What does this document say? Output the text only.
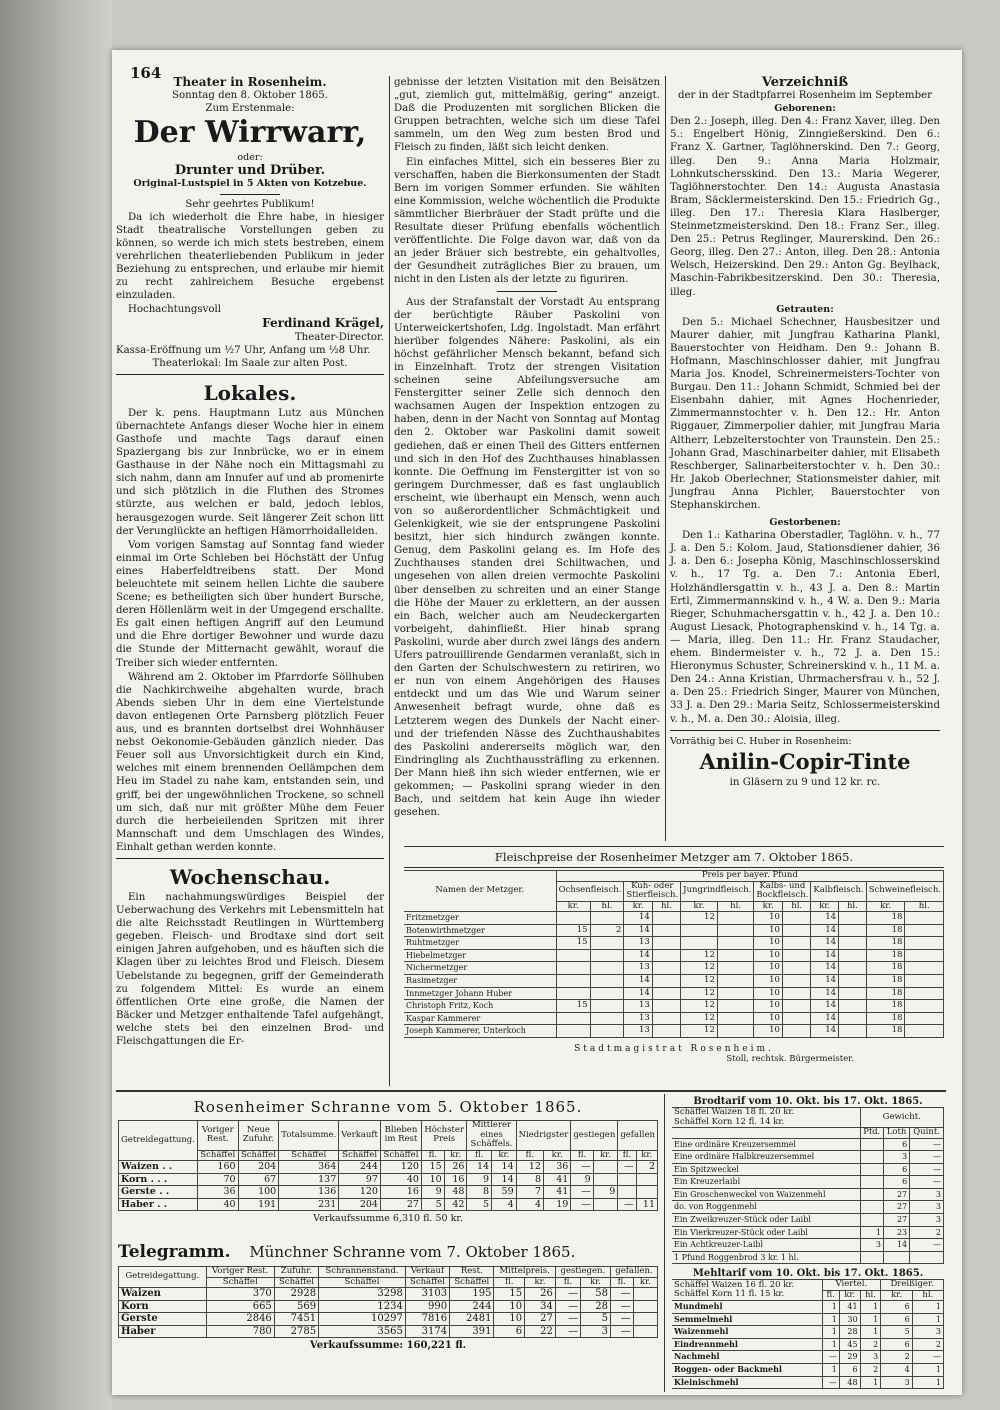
164	Theater in Rosenheim.
Sonntag den 8. Oktober 1865.
Zum Erstenmale:
Der Wirrwarr,
oder:
Drunter und Drüber.
Original-Lustspiel in 5 Akten von Kotzebue.
Sehr geehrtes Publikum!

Da ich wiederholt die Ehre habe, in hiesiger Stadt theatralische Vorstellungen geben zu können, so werde ich mich stets bestreben, einem verehrlichen theaterliebenden Publikum in jeder Beziehung zu entsprechen, und erlaube mir hiemit zu recht zahlreichem Besuche ergebenst einzuladen.

Hochachtungsvoll

Ferdinand Krägel,
Theater-Director.
Kassa-Eröffnung um ½7 Uhr, Anfang um ½8 Uhr.
Theaterlokal: Im Saale zur alten Post.
Lokales.

Der k. pens. Hauptmann Lutz aus München übernachtete Anfangs dieser Woche hier in einem Gasthofe und machte Tags darauf einen Spaziergang bis zur Innbrücke, wo er in einem Gasthause in der Nähe noch ein Mittagsmahl zu sich nahm, dann am Innufer auf und ab promenirte und sich plötzlich in die Fluthen des Stromes stürzte, aus welchen er bald, jedoch leblos, herausgezogen wurde. Seit längerer Zeit schon litt der Verunglückte an heftigen Hämorrhoidalleiden.

Vom vorigen Samstag auf Sonntag fand wieder einmal im Orte Schleben bei Höchstätt der Unfug eines Haberfeldtreibens statt. Der Mond beleuchtete mit seinem hellen Lichte die saubere Scene; es betheiligten sich über hundert Bursche, deren Höllenlärm weit in der Umgegend erschallte. Es galt einen heftigen Angriff auf den Leumund und die Ehre dortiger Bewohner und wurde dazu die Stunde der Mitternacht gewählt, worauf die Treiber sich wieder entfernten.

Während am 2. Oktober im Pfarrdorfe Söllhuben die Nachkirchweihe abgehalten wurde, brach Abends sieben Uhr in dem eine Viertelstunde davon entlegenen Orte Parnsberg plötzlich Feuer aus, und es brannten dortselbst drei Wohnhäuser nebst Oekonomie-Gebäuden gänzlich nieder. Das Feuer soll aus Unvorsichtigkeit durch ein Kind, welches mit einem brennenden Oellämpchen dem Heu im Stadel zu nahe kam, entstanden sein, und griff, bei der ungewöhnlichen Trockene, so schnell um sich, daß nur mit größter Mühe dem Feuer durch die herbeieilenden Spritzen mit ihrer Mannschaft und dem Umschlagen des Windes, Einhalt gethan werden konnte.

Wochenschau.

Ein nachahmungswürdiges Beispiel der Ueberwachung des Verkehrs mit Lebensmitteln hat die alte Reichsstadt Reutlingen in Württemberg gegeben. Fleisch- und Brodtaxe sind dort seit einigen Jahren aufgehoben, und es häuften sich die Klagen über zu leichtes Brod und Fleisch. Diesem Uebelstande zu begegnen, griff der Gemeinderath zu folgendem Mittel: Es wurde an einem öffentlichen Orte eine große, die Namen der Bäcker und Metzger enthaltende Tafel aufgehängt, welche stets bei den einzelnen Brod- und Fleischgattungen die Er-

gebnisse der letzten Visitation mit den Beisätzen „gut, ziemlich gut, mittelmäßig, gering“ anzeigt. Daß die Produzenten mit sorglichen Blicken die Gruppen betrachten, welche sich um diese Tafel sammeln, um den Weg zum besten Brod und Fleisch zu finden, läßt sich leicht denken.

Ein einfaches Mittel, sich ein besseres Bier zu verschaffen, haben die Bierkonsumenten der Stadt Bern im vorigen Sommer erfunden. Sie wählten eine Kommission, welche wöchentlich die Produkte sämmtlicher Bierbräuer der Stadt prüfte und die Resultate dieser Prüfung ebenfalls wöchentlich veröffentlichte. Die Folge davon war, daß von da an jeder Bräuer sich bestrebte, ein gehaltvolles, der Gesundheit zuträgliches Bier zu brauen, um nicht in den Listen als der letzte zu figuriren.

Aus der Strafanstalt der Vorstadt Au entsprang der berüchtigte Räuber Paskolini von Unterweickertshofen, Ldg. Ingolstadt. Man erfährt hierüber folgendes Nähere: Paskolini, als ein höchst gefährlicher Mensch bekannt, befand sich in Einzelnhaft. Trotz der strengen Visitation scheinen seine Abfeilungsversuche am Fenstergitter seiner Zelle sich dennoch den wachsamen Augen der Inspektion entzogen zu haben, denn in der Nacht von Sonntag auf Montag den 2. Oktober war Paskolini damit soweit gediehen, daß er einen Theil des Gitters entfernen und sich in den Hof des Zuchthauses hinablassen konnte. Die Oeffnung im Fenstergitter ist von so geringem Durchmesser, daß es fast unglaublich erscheint, wie überhaupt ein Mensch, wenn auch von so außerordentlicher Schmächtigkeit und Gelenkigkeit, wie sie der entsprungene Paskolini besitzt, hier sich hindurch zwängen konnte. Genug, dem Paskolini gelang es. Im Hofe des Zuchthauses standen drei Schiltwachen, und ungesehen von allen dreien vermochte Paskolini über denselben zu schreiten und an einer Stange die Höhe der Mauer zu erklettern, an der aussen ein Bach, welcher auch am Neudeckergarten vorbeigeht, dahinfließt. Hier hinab sprang Paskolini, wurde aber durch zwei längs des andern Ufers patrouillirende Gendarmen veranlaßt, sich in den Garten der Schulschwestern zu retiriren, wo er nun von einem Angehörigen des Hauses entdeckt und um das Wie und Warum seiner Anwesenheit befragt wurde, ohne daß es Letzterem wegen des Dunkels der Nacht einer- und der triefenden Nässe des Zuchthaushabites des Paskolini andererseits möglich war, den Eindringling als Zuchthaussträfling zu erkennen. Der Mann hieß ihn sich wieder entfernen, wie er gekommen; — Paskolini sprang wieder in den Bach, und seitdem hat kein Auge ihn wieder gesehen.

Verzeichniß
der in der Stadtpfarrei Rosenheim im September
Geborenen:

Den 2.: Joseph, illeg. Den 4.: Franz Xaver, illeg. Den 5.: Engelbert Hönig, Zinngießerskind. Den 6.: Franz X. Gartner, Taglöhnerskind. Den 7.: Georg, illeg. Den 9.: Anna Maria Holzmair, Lohnkutschersskind. Den 13.: Maria Wegerer, Taglöhnerstochter. Den 14.: Augusta Anastasia Bram, Säcklermeisterskind. Den 15.: Friedrich Gg., illeg. Den 17.: Theresia Klara Haslberger, Steinmetzmeisterskind. Den 18.: Franz Ser., illeg. Den 25.: Petrus Reglinger, Maurerskind. Den 26.: Georg, illeg. Den 27.: Anton, illeg. Den 28.: Antonia Welsch, Heizerskind. Den 29.: Anton Gg. Beylhack, Maschin-Fabrikbesitzerskind. Den 30.: Theresia, illeg.

Getrauten:

Den 5.: Michael Schechner, Hausbesitzer und Maurer dahier, mit Jungfrau Katharina Plankl, Bauerstochter von Heidham. Den 9.: Johann B. Hofmann, Maschinschlosser dahier, mit Jungfrau Maria Jos. Knodel, Schreinermeisters-Tochter von Burgau. Den 11.: Johann Schmidt, Schmied bei der Eisenbahn dahier, mit Agnes Hochenrieder, Zimmermannstochter v. h. Den 12.: Hr. Anton Riggauer, Zimmerpolier dahier, mit Jungfrau Maria Altherr, Lebzelterstochter von Traunstein. Den 25.: Johann Grad, Maschinarbeiter dahier, mit Elisabeth Reschberger, Salinarbeiterstochter v. h. Den 30.: Hr. Jakob Oberlechner, Stationsmeister dahier, mit Jungfrau Anna Pichler, Bauerstochter von Stephanskirchen.

Gestorbenen:

Den 1.: Katharina Oberstadler, Taglöhn. v. h., 77 J. a. Den 5.: Kolom. Jaud, Stationsdiener dahier, 36 J. a. Den 6.: Josepha König, Maschinschlosserskind v. h., 17 Tg. a. Den 7.: Antonia Eberl, Holzhändlersgattin v. h., 43 J. a. Den 8.: Martin Ertl, Zimmermannskind v. h., 4 W. a. Den 9.: Maria Rieger, Schuhmachersgattin v. h., 42 J. a. Den 10.: August Liesack, Photographenskind v. h., 14 Tg. a. — Maria, illeg. Den 11.: Hr. Franz Staudacher, ehem. Bindermeister v. h., 72 J. a. Den 15.: Hieronymus Schuster, Schreinerskind v. h., 11 M. a. Den 24.: Anna Kristian, Uhrmachersfrau v. h., 52 J. a. Den 25.: Friedrich Singer, Maurer von München, 33 J. a. Den 29.: Maria Seitz, Schlossermeisterskind v. h., M. a. Den 30.: Aloisia, illeg.

Vorräthig bei C. Huber in Rosenheim:
Anilin-Copir-Tinte
in Gläsern zu 9 und 12 kr. rc.
Fleischpreise der Rosenheimer Metzger am 7. Oktober 1865.
Namen der Metzger.	Preis per bayer. Pfund											
	Ochsenfleisch.		Kuh- oder Stierfleisch.		Jungrindfleisch.		Kalbs- und Bockfleisch.		Kalbfleisch.		Schweinefleisch.	
	kr.	hl.	kr.	hl.	kr.	hl.	kr.	hl.	kr.	hl.	kr.	hl.
Fritzmetzger			14		12		10		14		18	
Botenwirthmetzger	15	2	14				10		14		18	
Ruhtmetzger	15		13				10		14		18	
Hiebelmetzger			14		12		10		14		18	
Nichermetzger			13		12		10		14		18	
Rasimetzger			14		12		10		14		18	
Innmetzger Johann Huber			14		12		10		14		18	
Christoph Fritz, Koch	15		13		12		10		14		18	
Kaspar Kammerer			13		12		10		14		18	
Joseph Kammerer, Unterkoch			13		12		10		14		18	
Stadtmagistrat Rosenheim.
Stoll, rechtsk. Bürgermeister.
Rosenheimer Schranne vom 5. Oktober 1865.
Getreidegattung.	Voriger Rest.	Neue Zufuhr.	Totalsumme.	Verkauft	Blieben im Rest	Höchster Preis		Mittlerer eines Schäffels.		Niedrigster		gestiegen		gefallen	
	Schäffel	Schäffel	Schäffel	Schäffel	Schäffel	fl.	kr.	fl.	kr.	fl.	kr.	fl.	kr.	fl.	kr.
Waizen . .	160	204	364	244	120	15	26	14	14	12	36	—		—	2
Korn . . .	70	67	137	97	40	10	16	9	14	8	41	9			
Gerste . .	36	100	136	120	16	9	48	8	59	7	41	—	9		
Haber . .	40	191	231	204	27	5	42	5	4	4	19	—		—	11
Verkaufssumme 6,310 fl. 50 kr.
Telegramm. Münchner Schranne vom 7. Oktober 1865.
Getreidegattung.	Voriger Rest.	Zufuhr.	Schrannenstand.	Verkauf	Rest.	Mittelpreis.		gestiegen.		gefallen.	
	Schäffel	Schäffel	Schäffel	Schäffel	Schäffel	fl.	kr.	fl.	kr.	fl.	kr.
Waizen	370	2928	3298	3103	195	15	26	—	58	—	
Korn	665	569	1234	990	244	10	34	—	28	—	
Gerste	2846	7451	10297	7816	2481	10	27	—	5	—	
Haber	780	2785	3565	3174	391	6	22	—	3	—	
Verkaufssumme: 160,221 fl.
Brodtarif vom 10. Okt. bis 17. Okt. 1865.
Schäffel Waizen 18 fl. 20 kr.
Schäffel Korn 12 fl. 14 kr.	Gewicht.		
	Pfd.	Loth	Quint.
Eine ordinäre Kreuzersemmel		6	—
Eine ordinäre Halbkreuzersemmel		3	—
Ein Spitzweckel		6	—
Ein Kreuzerlaibl		6	—
Ein Groschenweckel von Waizenmehl		27	3
do. von Roggenmehl		27	3
Ein Zweikreuzer-Stück oder Laibl		27	3
Ein Vierkreuzer-Stück oder Laibl	1	23	2
Ein Achtkreuzer-Laibl	3	14	—
1 Pfund Roggenbrod 3 kr. 1 hl.			
Mehltarif vom 10. Okt. bis 17. Okt. 1865.
Schäffel Waizen 16 fl. 20 kr.
Schäffel Korn 11 fl. 15 kr.	Viertel.			Dreißiger.	
	fl.	kr.	hl.	kr.	hl.
Mundmehl	1	41	1	6	1
Semmelmehl	1	30	1	6	1
Waizenmehl	1	28	1	5	3
Eindrennmehl	1	45	2	6	2
Nachmehl	—	29	3	2	—
Roggen- oder Backmehl	1	6	2	4	1
Kleinischmehl	—	48	1	3	1
